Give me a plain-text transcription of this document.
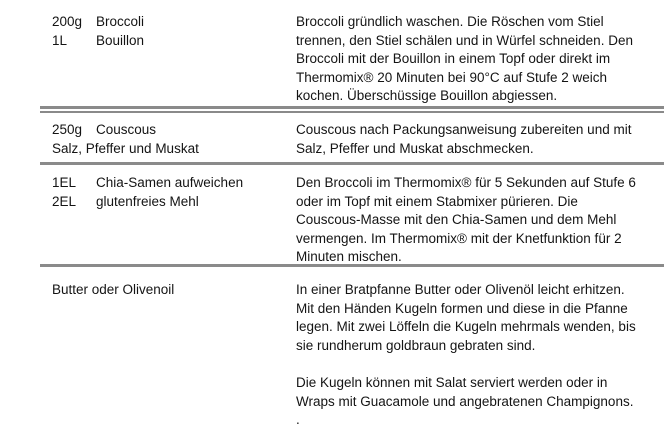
200g Broccoli
1L Bouillon
Broccoli gründlich waschen. Die Röschen vom Stiel
trennen, den Stiel schälen und in Würfel schneiden. Den
Broccoli mit der Bouillon in einem Topf oder direkt im
Thermomix® 20 Minuten bei 90°C auf Stufe 2 weich
kochen. Überschüssige Bouillon abgiessen.
250g Couscous
Salz, Pfeffer und Muskat
Couscous nach Packungsanweisung zubereiten und mit
Salz, Pfeffer und Muskat abschmecken.
1EL Chia-Samen aufweichen
2EL glutenfreies Mehl
Den Broccoli im Thermomix® für 5 Sekunden auf Stufe 6
oder im Topf mit einem Stabmixer pürieren. Die
Couscous-Masse mit den Chia-Samen und dem Mehl
vermengen. Im Thermomix® mit der Knetfunktion für 2
Minuten mischen.
Butter oder Olivenoil	In einer Bratpfanne Butter oder Olivenöl leicht erhitzen.
Mit den Händen Kugeln formen und diese in die Pfanne
legen. Mit zwei Löffeln die Kugeln mehrmals wenden, bis
sie rundherum goldbraun gebraten sind.
Die Kugeln können mit Salat serviert werden oder in
Wraps mit Guacamole und angebratenen Champignons.
.
